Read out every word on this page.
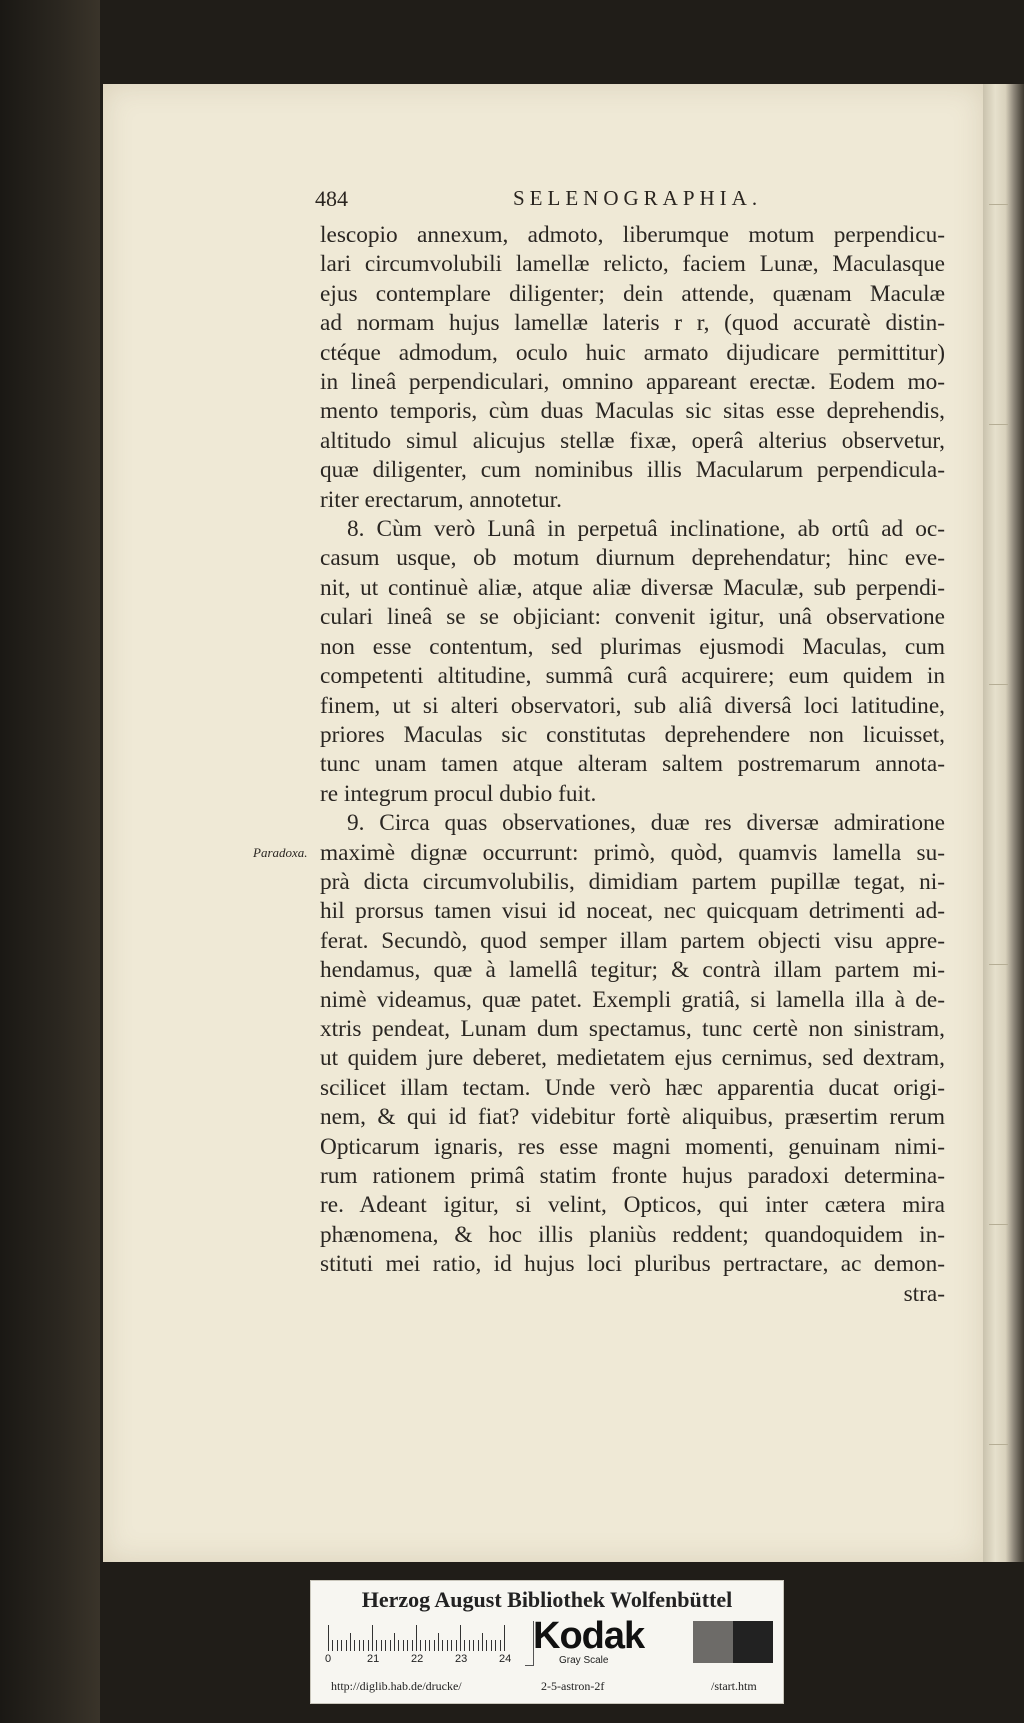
484	SELENOGRAPHIA.
Paradoxa.
lescopio annexum, admoto, liberumque motum perpendicu-
lari circumvolubili lamellæ relicto, faciem Lunæ, Maculasque
ejus contemplare diligenter; dein attende, quænam Maculæ
ad normam hujus lamellæ lateris r r, (quod accuratè distin-
ctéque admodum, oculo huic armato dijudicare permittitur)
in lineâ perpendiculari, omnino appareant erectæ. Eodem mo-
mento temporis, cùm duas Maculas sic sitas esse deprehendis,
altitudo simul alicujus stellæ fixæ, operâ alterius observetur,
quæ diligenter, cum nominibus illis Macularum perpendicula-
riter erectarum, annotetur.
8. Cùm verò Lunâ in perpetuâ inclinatione, ab ortû ad oc-
casum usque, ob motum diurnum deprehendatur; hinc eve-
nit, ut continuè aliæ, atque aliæ diversæ Maculæ, sub perpendi-
culari lineâ se se objiciant: convenit igitur, unâ observatione
non esse contentum, sed plurimas ejusmodi Maculas, cum
competenti altitudine, summâ curâ acquirere; eum quidem in
finem, ut si alteri observatori, sub aliâ diversâ loci latitudine,
priores Maculas sic constitutas deprehendere non licuisset,
tunc unam tamen atque alteram saltem postremarum annota-
re integrum procul dubio fuit.
9. Circa quas observationes, duæ res diversæ admiratione
maximè dignæ occurrunt: primò, quòd, quamvis lamella su-
prà dicta circumvolubilis, dimidiam partem pupillæ tegat, ni-
hil prorsus tamen visui id noceat, nec quicquam detrimenti ad-
ferat. Secundò, quod semper illam partem objecti visu appre-
hendamus, quæ à lamellâ tegitur; & contrà illam partem mi-
nimè videamus, quæ patet. Exempli gratiâ, si lamella illa à de-
xtris pendeat, Lunam dum spectamus, tunc certè non sinistram,
ut quidem jure deberet, medietatem ejus cernimus, sed dextram,
scilicet illam tectam. Unde verò hæc apparentia ducat origi-
nem, & qui id fiat? videbitur fortè aliquibus, præsertim rerum
Opticarum ignaris, res esse magni momenti, genuinam nimi-
rum rationem primâ statim fronte hujus paradoxi determina-
re. Adeant igitur, si velint, Opticos, qui inter cætera mira
phænomena, & hoc illis planiùs reddent; quandoquidem in-
stituti mei ratio, id hujus loci pluribus pertractare, ac demon-
stra-
Herzog August Bibliothek Wolfenbüttel
0	21	22	23	24
Kodak
Gray Scale
http://diglib.hab.de/drucke/	2-5-astron-2f	/start.htm
